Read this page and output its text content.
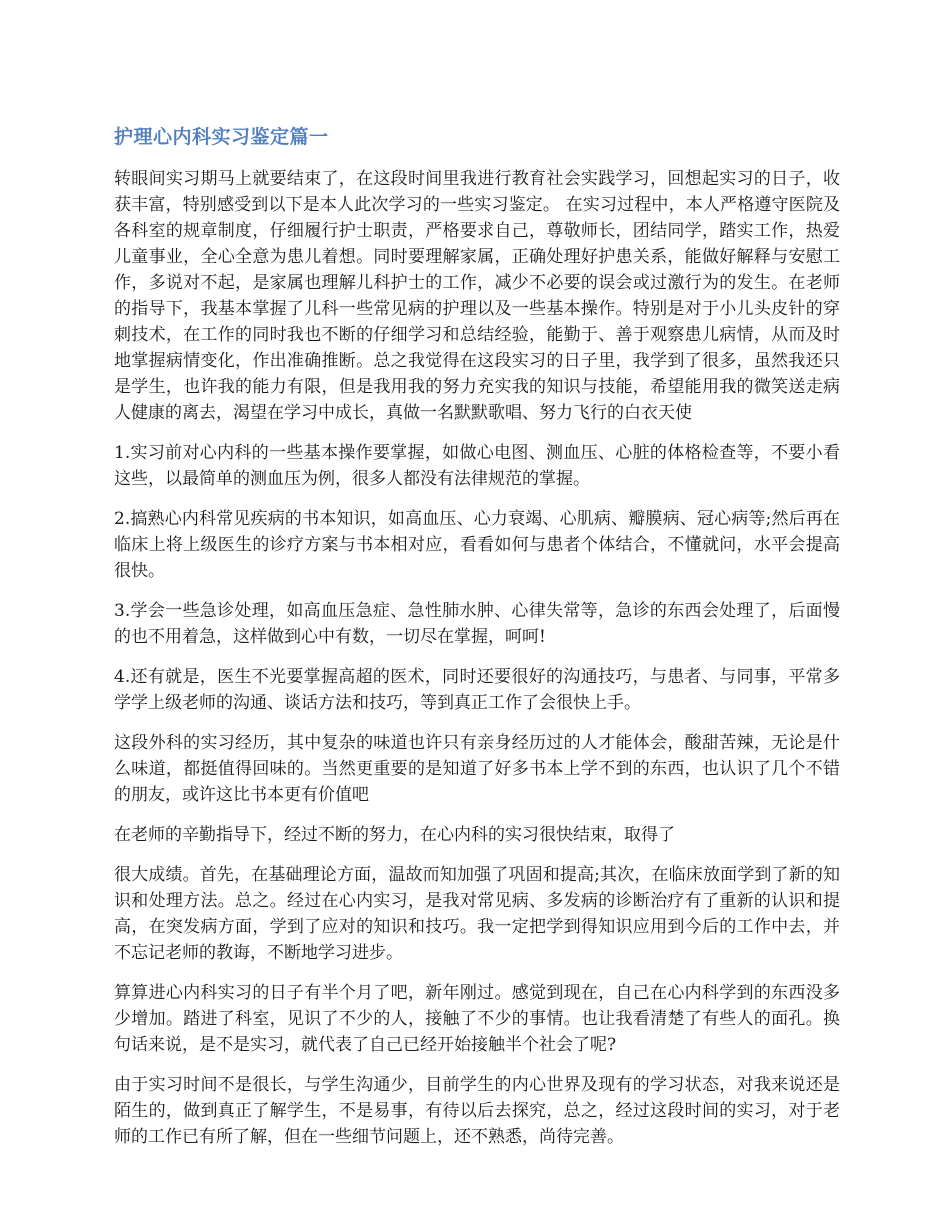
护理心内科实习鉴定篇一

转眼间实习期马上就要结束了，在这段时间里我进行教育社会实践学习，回想起实习的日子，收获丰富，特别感受到以下是本人此次学习的一些实习鉴定。 在实习过程中，本人严格遵守医院及各科室的规章制度，仔细履行护士职责，严格要求自己，尊敬师长，团结同学，踏实工作，热爱儿童事业，全心全意为患儿着想。同时要理解家属，正确处理好护患关系，能做好解释与安慰工作，多说对不起，是家属也理解儿科护士的工作，减少不必要的误会或过激行为的发生。在老师的指导下，我基本掌握了儿科一些常见病的护理以及一些基本操作。特别是对于小儿头皮针的穿刺技术，在工作的同时我也不断的仔细学习和总结经验，能勤于、善于观察患儿病情，从而及时地掌握病情变化，作出准确推断。总之我觉得在这段实习的日子里，我学到了很多，虽然我还只是学生，也许我的能力有限，但是我用我的努力充实我的知识与技能，希望能用我的微笑送走病人健康的离去，渴望在学习中成长，真做一名默默歌唱、努力飞行的白衣天使

1.实习前对心内科的一些基本操作要掌握，如做心电图、测血压、心脏的体格检查等，不要小看这些，以最简单的测血压为例，很多人都没有法律规范的掌握。

2.搞熟心内科常见疾病的书本知识，如高血压、心力衰竭、心肌病、瓣膜病、冠心病等;然后再在临床上将上级医生的诊疗方案与书本相对应，看看如何与患者个体结合，不懂就问，水平会提高很快。

3.学会一些急诊处理，如高血压急症、急性肺水肿、心律失常等，急诊的东西会处理了，后面慢的也不用着急，这样做到心中有数，一切尽在掌握，呵呵!

4.还有就是，医生不光要掌握高超的医术，同时还要很好的沟通技巧，与患者、与同事，平常多学学上级老师的沟通、谈话方法和技巧，等到真正工作了会很快上手。

这段外科的实习经历，其中复杂的味道也许只有亲身经历过的人才能体会，酸甜苦辣，无论是什么味道，都挺值得回味的。当然更重要的是知道了好多书本上学不到的东西，也认识了几个不错的朋友，或许这比书本更有价值吧

在老师的辛勤指导下，经过不断的努力，在心内科的实习很快结束，取得了

很大成绩。首先，在基础理论方面，温故而知加强了巩固和提高;其次，在临床放面学到了新的知识和处理方法。总之。经过在心内实习，是我对常见病、多发病的诊断治疗有了重新的认识和提高，在突发病方面，学到了应对的知识和技巧。我一定把学到得知识应用到今后的工作中去，并不忘记老师的教诲，不断地学习进步。

算算进心内科实习的日子有半个月了吧，新年刚过。感觉到现在，自己在心内科学到的东西没多少增加。踏进了科室，见识了不少的人，接触了不少的事情。也让我看清楚了有些人的面孔。换句话来说，是不是实习，就代表了自己已经开始接触半个社会了呢?

由于实习时间不是很长，与学生沟通少，目前学生的内心世界及现有的学习状态，对我来说还是陌生的，做到真正了解学生，不是易事，有待以后去探究，总之，经过这段时间的实习，对于老师的工作已有所了解，但在一些细节问题上，还不熟悉，尚待完善。
